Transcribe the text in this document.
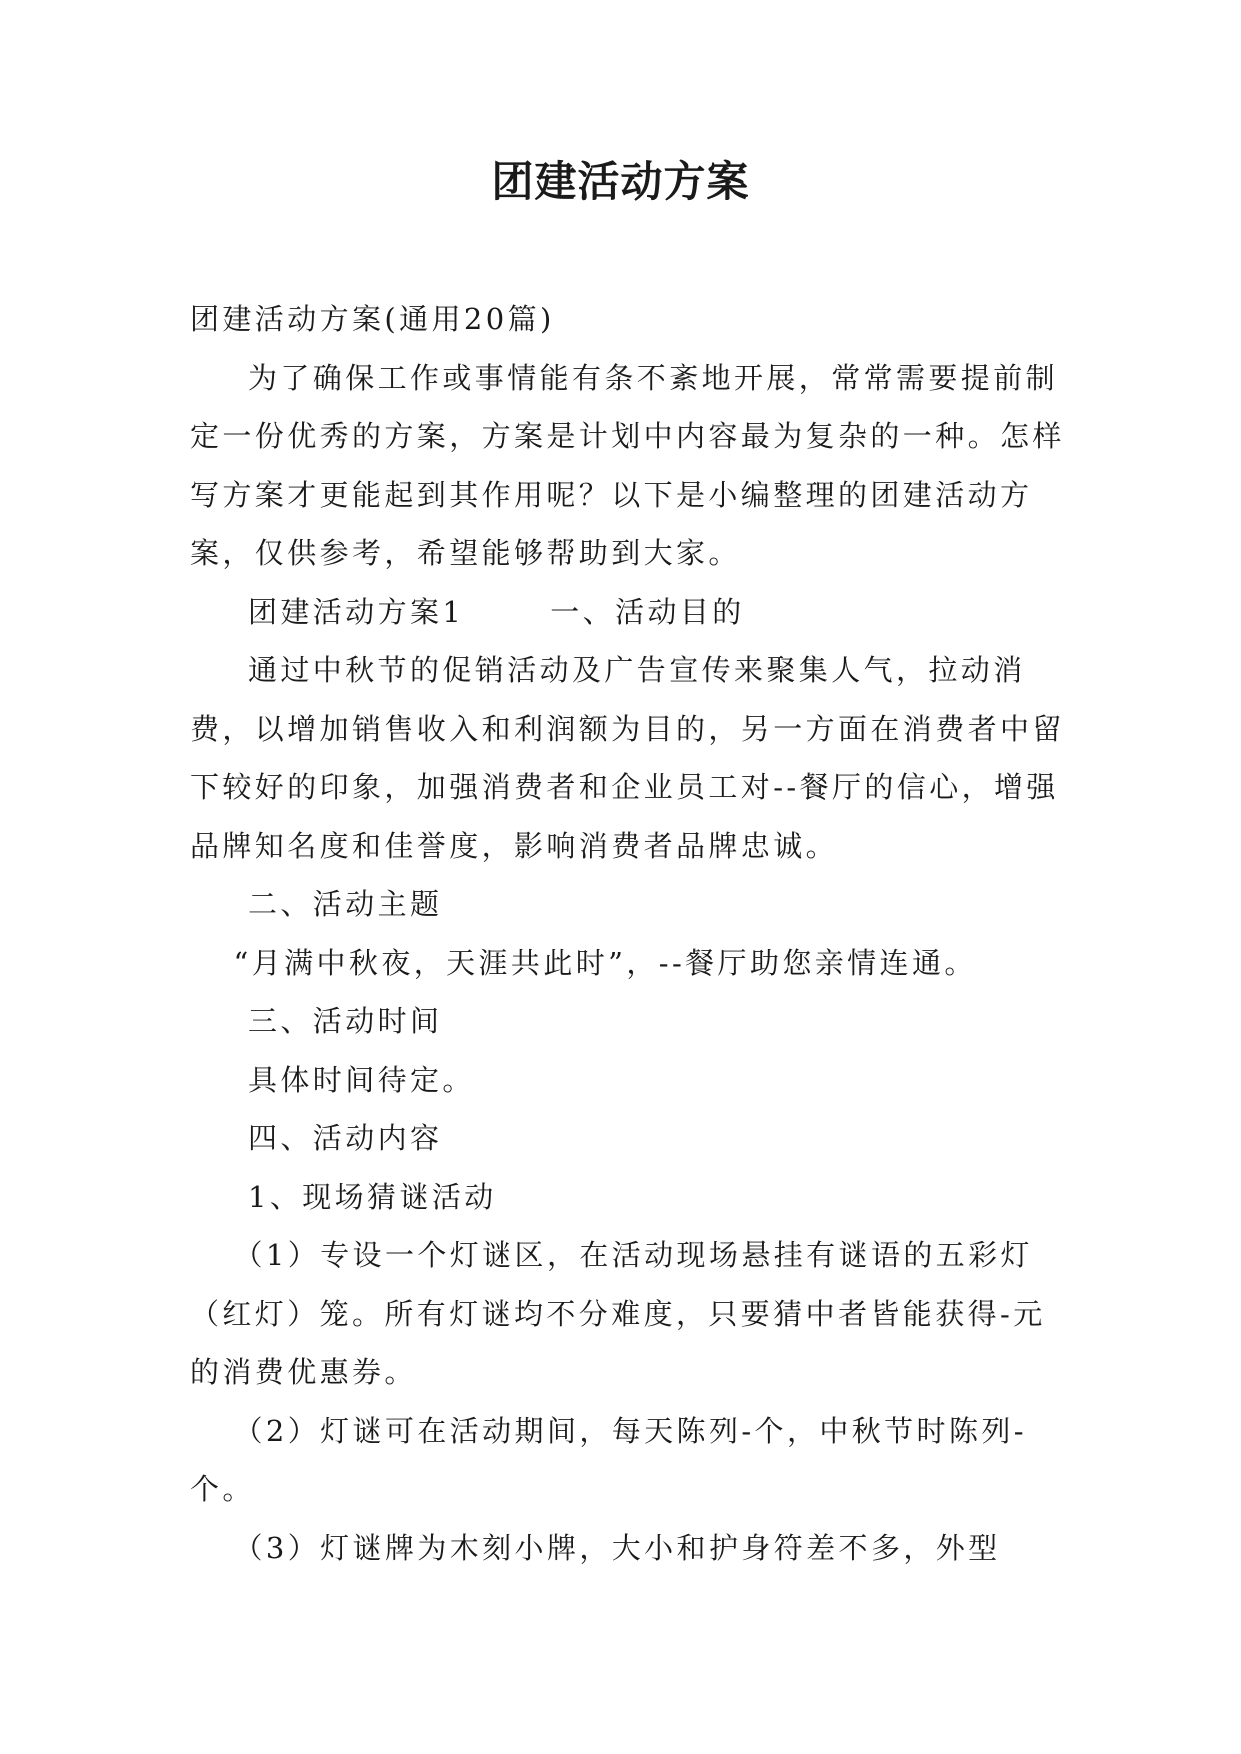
团建活动方案

团建活动方案(通用20篇)

为了确保工作或事情能有条不紊地开展，常常需要提前制定一份优秀的方案，方案是计划中内容最为复杂的一种。怎样写方案才更能起到其作用呢？以下是小编整理的团建活动方案，仅供参考，希望能够帮助到大家。

团建活动方案1	一、活动目的

通过中秋节的促销活动及广告宣传来聚集人气，拉动消费，以增加销售收入和利润额为目的，另一方面在消费者中留下较好的印象，加强消费者和企业员工对--餐厅的信心，增强品牌知名度和佳誉度，影响消费者品牌忠诚。

二、活动主题

“月满中秋夜，天涯共此时”，--餐厅助您亲情连通。

三、活动时间

具体时间待定。

四、活动内容

1、现场猜谜活动

（1）专设一个灯谜区，在活动现场悬挂有谜语的五彩灯（红灯）笼。所有灯谜均不分难度，只要猜中者皆能获得-元的消费优惠券。

（2）灯谜可在活动期间，每天陈列-个，中秋节时陈列-个。

（3）灯谜牌为木刻小牌，大小和护身符差不多，外型
